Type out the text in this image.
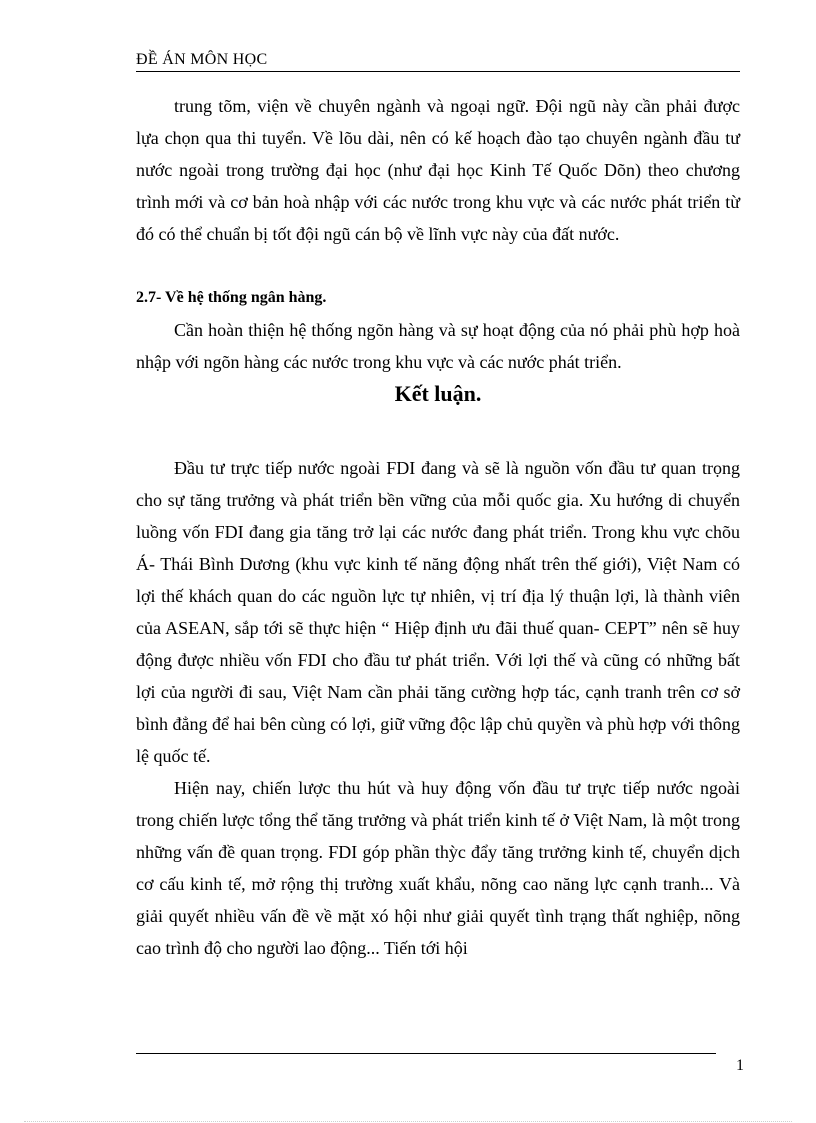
ĐỀ ÁN MÔN HỌC

trung tõm, viện về chuyên ngành và ngoại ngữ. Đội ngũ này cần phải được lựa chọn qua thi tuyển. Về lõu dài, nên có kế hoạch đào tạo chuyên ngành đầu tư nước ngoài trong trường đại học (như đại học Kinh Tế Quốc Dõn) theo chương trình mới và cơ bản hoà nhập với các nước trong khu vực và các nước phát triển từ đó có thể chuẩn bị tốt đội ngũ cán bộ về lĩnh vực này của đất nước.

2.7- Về hệ thống ngân hàng.

Cần hoàn thiện hệ thống ngõn hàng và sự hoạt động của nó phải phù hợp hoà nhập với ngõn hàng các nước trong khu vực và các nước phát triển.

Kết luận.

Đầu tư trực tiếp nước ngoài FDI đang và sẽ là nguồn vốn đầu tư quan trọng cho sự tăng trưởng và phát triển bền vững của mỗi quốc gia. Xu hướng di chuyển luồng vốn FDI đang gia tăng trở lại các nước đang phát triển. Trong khu vực chõu Á- Thái Bình Dương (khu vực kinh tế năng động nhất trên thế giới), Việt Nam có lợi thế khách quan do các nguồn lực tự nhiên, vị trí địa lý thuận lợi, là thành viên của ASEAN, sắp tới sẽ thực hiện “ Hiệp định ưu đãi thuế quan- CEPT” nên sẽ huy động được nhiều vốn FDI cho đầu tư phát triển. Với lợi thế và cũng có những bất lợi của người đi sau, Việt Nam cần phải tăng cường hợp tác, cạnh tranh trên cơ sở bình đẳng để hai bên cùng có lợi, giữ vững độc lập chủ quyền và phù hợp với thông lệ quốc tế.

Hiện nay, chiến lược thu hút và huy động vốn đầu tư trực tiếp nước ngoài trong chiến lược tổng thể tăng trưởng và phát triển kinh tế ở Việt Nam, là một trong những vấn đề quan trọng. FDI góp phần thỳc đẩy tăng trưởng kinh tế, chuyển dịch cơ cấu kinh tế, mở rộng thị trường xuất khẩu, nõng cao năng lực cạnh tranh... Và giải quyết nhiều vấn đề về mặt xó hội như giải quyết tình trạng thất nghiệp, nõng cao trình độ cho người lao động... Tiến tới hội

1
